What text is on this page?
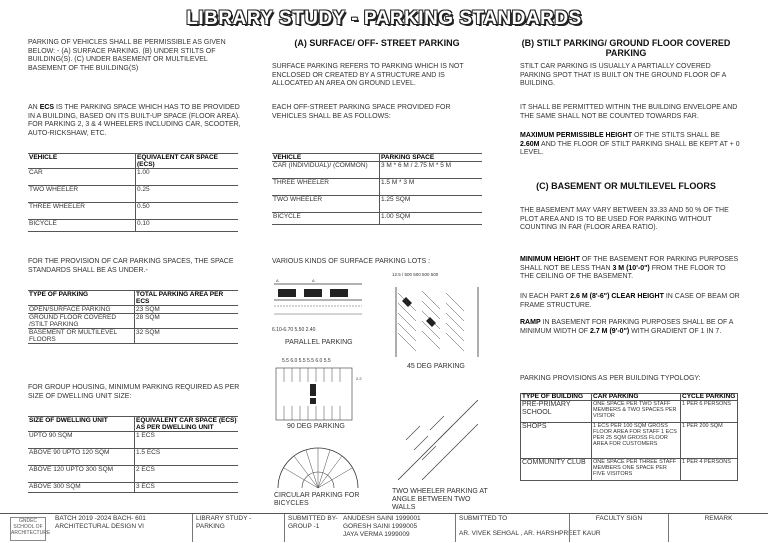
LIBRARY STUDY - PARKING STANDARDS
PARKING OF VEHICLES SHALL BE PERMISSIBLE AS GIVEN BELOW: - (A) SURFACE PARKING. (B) UNDER STILTS OF BUILDING(S). (C) UNDER BASEMENT OR MULTILEVEL BASEMENT OF THE BUILDING(S)
AN ECS IS THE PARKING SPACE WHICH HAS TO BE PROVIDED IN A BUILDING, BASED ON ITS BUILT-UP SPACE (FLOOR AREA). FOR PARKING 2, 3 & 4 WHEELERS INCLUDING CAR, SCOOTER, AUTO-RICKSHAW, ETC.
VEHICLE	EQUIVALENT CAR SPACE (ECS)
CAR	1.00
TWO WHEELER	0.25
THREE WHEELER	0.50
BICYCLE	0.10
FOR THE PROVISION OF CAR PARKING SPACES, THE SPACE STANDARDS SHALL BE AS UNDER.-
TYPE OF PARKING	TOTAL PARKING AREA PER ECS
OPEN/SURFACE PARKING	23 SQM
GROUND FLOOR COVERED /STILT PARKING	28 SQM
BASEMENT OR MULTILEVEL FLOORS	32 SQM
FOR GROUP HOUSING, MINIMUM PARKING REQUIRED AS PER SIZE OF DWELLING UNIT SIZE:
SIZE OF DWELLING UNIT	EQUIVALENT CAR SPACE (ECS) AS PER DWELLING UNIT
UPTO 90 SQM	1 ECS
ABOVE 90 UPTO 120 SQM	1.5 ECS
ABOVE 120 UPTO 300 SQM	2 ECS
ABOVE 300 SQM	3 ECS
(A) SURFACE/ OFF- STREET PARKING
SURFACE PARKING REFERS TO PARKING WHICH IS NOT ENCLOSED OR CREATED BY A STRUCTURE AND IS ALLOCATED AN AREA ON GROUND LEVEL.
EACH OFF-STREET PARKING SPACE PROVIDED FOR VEHICLES SHALL BE AS FOLLOWS:
VEHICLE	PARKING SPACE
CAR (INDIVIDUAL)/ (COMMON)	3 M * 6 M / 2.75 M * 5 M
THREE WHEELER	1.5 M * 3 M
TWO WHEELER	1.25 SQM
BICYCLE	1.00 SQM
VARIOUS KINDS OF SURFACE PARKING LOTS :
A	A
6.10-6.70 5.50 2.40
PARALLEL PARKING
12.5 / 500 500 500 500
45 DEG PARKING
5.5 6.0 5.5 5.5 6.0 5.5
2.2
90 DEG PARKING
CIRCULAR PARKING FOR BICYCLES
TWO WHEELER PARKING AT ANGLE BETWEEN TWO WALLS
(B) STILT PARKING/ GROUND FLOOR COVERED PARKING
STILT CAR PARKING IS USUALLY A PARTIALLY COVERED PARKING SPOT THAT IS BUILT ON THE GROUND FLOOR OF A BUILDING.
IT SHALL BE PERMITTED WITHIN THE BUILDING ENVELOPE AND THE SAME SHALL NOT BE COUNTED TOWARDS FAR.
MAXIMUM PERMISSIBLE HEIGHT OF THE STILTS SHALL BE 2.60M AND THE FLOOR OF STILT PARKING SHALL BE KEPT AT + 0 LEVEL.
(C) BASEMENT OR MULTILEVEL FLOORS
THE BASEMENT MAY VARY BETWEEN 33.33 AND 50 % OF THE PLOT AREA AND IS TO BE USED FOR PARKING WITHOUT COUNTING IN FAR (FLOOR AREA RATIO).
MINIMUM HEIGHT OF THE BASEMENT FOR PARKING PURPOSES SHALL NOT BE LESS THAN 3 M (10'-0") FROM THE FLOOR TO THE CEILING OF THE BASEMENT.
IN EACH PART 2.6 M (8'-6") CLEAR HEIGHT IN CASE OF BEAM OR FRAME STRUCTURE.
RAMP IN BASEMENT FOR PARKING PURPOSES SHALL BE OF A MINIMUM WIDTH OF 2.7 M (9'-0") WITH GRADIENT OF 1 IN 7.
PARKING PROVISIONS AS PER BUILDING TYPOLOGY:
TYPE OF BUILDING	CAR PARKING	CYCLE PARKING
PRE-PRIMARY SCHOOL	ONE SPACE PER TWO STAFF MEMBERS & TWO SPACES PER VISITOR	1 PER 6 PERSONS
SHOPS	1 ECS PER 100 SQM GROSS FLOOR AREA FOR STAFF 1 ECS PER 25 SQM GROSS FLOOR AREA FOR CUSTOMERS	1 PER 200 SQM
COMMUNITY CLUB	ONE SPACE PER THREE STAFF MEMBERS ONE SPACE PER FIVE VISITORS	1 PER 4 PERSONS
GNDEC SCHOOL OF ARCHITECTURE
BATCH 2019 -2024 BACH- 601
ARCHITECTURAL DESIGN VI
LIBRARY STUDY - PARKING
SUBMITTED BY- GROUP -1
ANUDESH SAINI 1999001
GORESH SAINI 1999005
JAYA VERMA 1999009
SUBMITTED TO
AR. VIVEK SEHGAL , AR. HARSHPREET KAUR
FACULTY SIGN	REMARK
